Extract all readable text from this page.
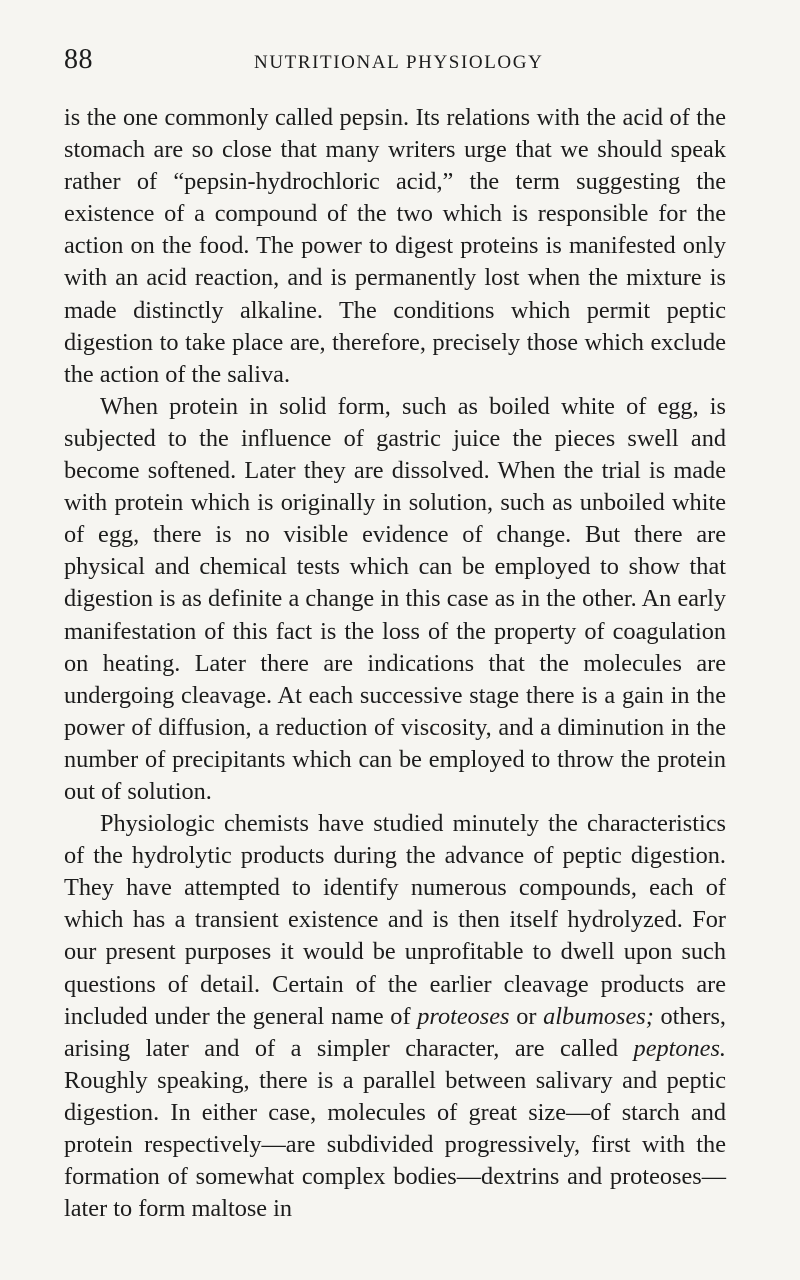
88	NUTRITIONAL PHYSIOLOGY

is the one commonly called pepsin. Its relations with the acid of the stomach are so close that many writers urge that we should speak rather of “pepsin-hydrochloric acid,” the term suggesting the existence of a compound of the two which is responsible for the action on the food. The power to digest proteins is manifested only with an acid reaction, and is permanently lost when the mixture is made distinctly alkaline. The conditions which permit peptic digestion to take place are, therefore, precisely those which exclude the action of the saliva.

When protein in solid form, such as boiled white of egg, is subjected to the influence of gastric juice the pieces swell and become softened. Later they are dissolved. When the trial is made with protein which is originally in solution, such as unboiled white of egg, there is no visible evidence of change. But there are physical and chemical tests which can be employed to show that digestion is as definite a change in this case as in the other. An early manifestation of this fact is the loss of the property of coagulation on heating. Later there are indications that the molecules are undergoing cleavage. At each successive stage there is a gain in the power of diffusion, a reduction of viscosity, and a diminution in the number of precipitants which can be employed to throw the protein out of solution.

Physiologic chemists have studied minutely the characteristics of the hydrolytic products during the advance of peptic digestion. They have attempted to identify numerous compounds, each of which has a transient existence and is then itself hydrolyzed. For our present purposes it would be unprofitable to dwell upon such questions of detail. Certain of the earlier cleavage products are included under the general name of proteoses or albumoses; others, arising later and of a simpler character, are called peptones. Roughly speaking, there is a parallel between salivary and peptic digestion. In either case, molecules of great size—of starch and protein respectively—are subdivided progressively, first with the formation of somewhat complex bodies—dextrins and proteoses—later to form maltose in
